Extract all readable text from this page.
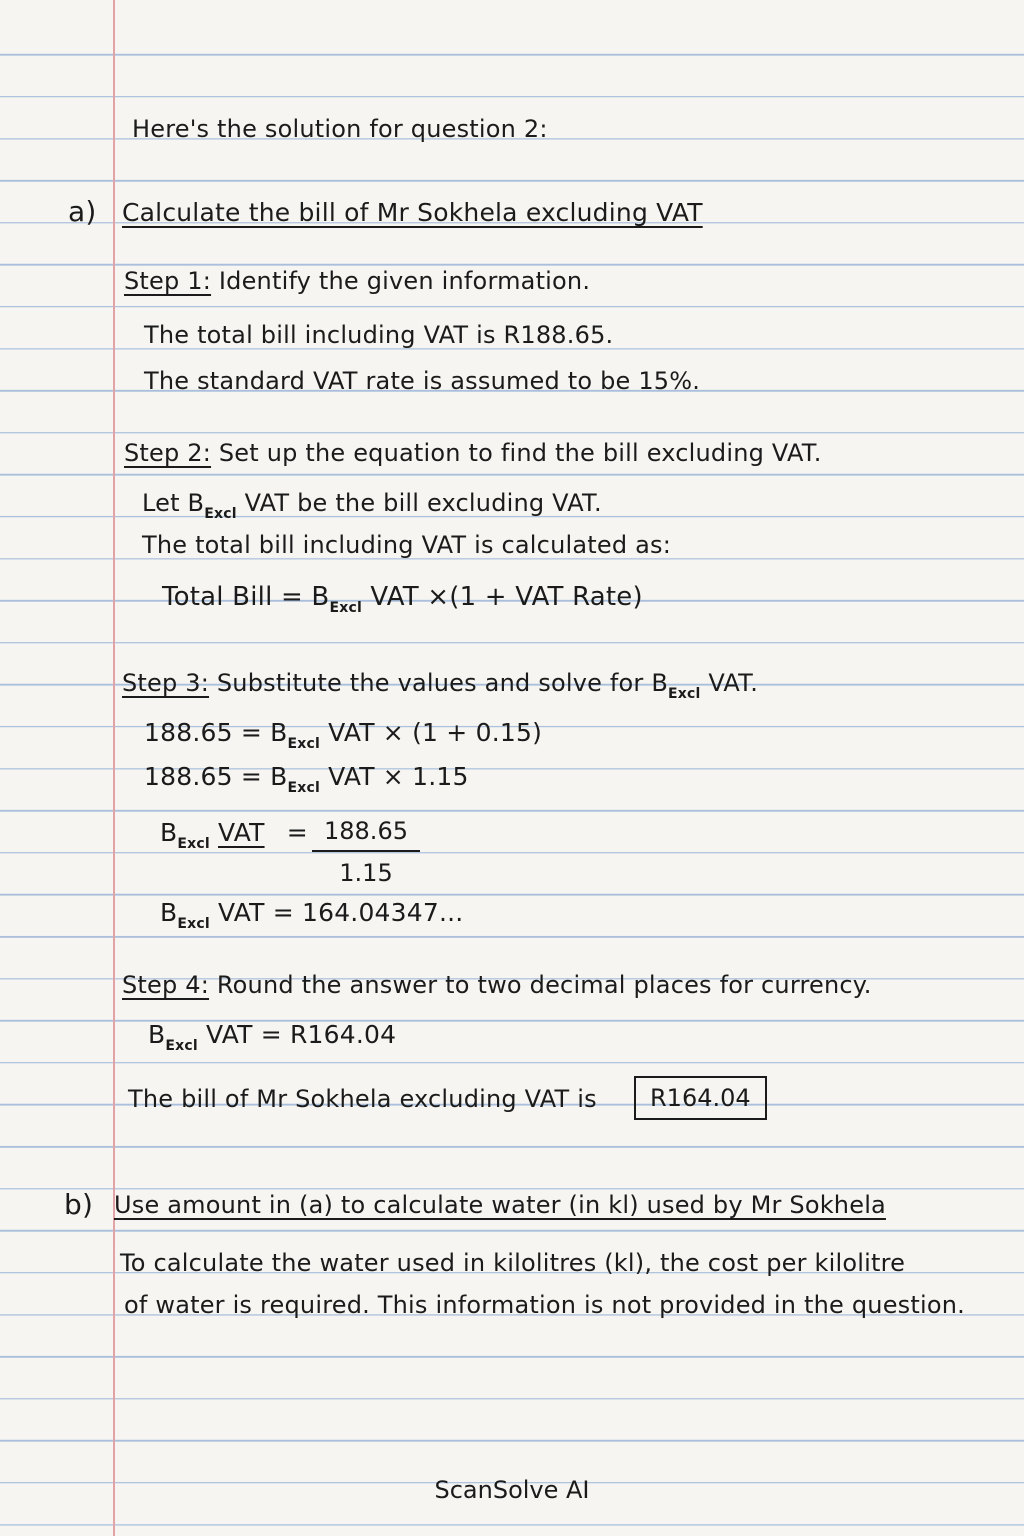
Here's the solution for question 2:
a) Calculate the bill of Mr Sokhela excluding VAT
Step 1: Identify the given information.
The total bill including VAT is R188.65.
The standard VAT rate is assumed to be 15%.
Step 2: Set up the equation to find the bill excluding VAT.
Let $B_{Excl}$ VAT be the bill excluding VAT.
The total bill including VAT is calculated as:
Total Bill = $B_{Excl}$ VAT ×(1 + VAT Rate)
Step 3: Substitute the values and solve for $B_{Excl}$ VAT.
$188.65 = B_{Excl}$ VAT × (1 + 0.15)
$188.65 = B_{Excl}$ VAT × 1.15
$B_{Excl}$ VAT = $\frac{188.65}{1.15}$
$B_{Excl}$ VAT = 164.04347...
Step 4: Round the answer to two decimal places for currency.
$B_{Excl}$ VAT = R164.04
The bill of Mr Sokhela excluding VAT is	R164.04
b) Use amount in (a) to calculate water (in kl) used by Mr Sokhela
To calculate the water used in kilolitres (kl), the cost per kilolitre
of water is required. This information is not provided in the question.
ScanSolve AI
